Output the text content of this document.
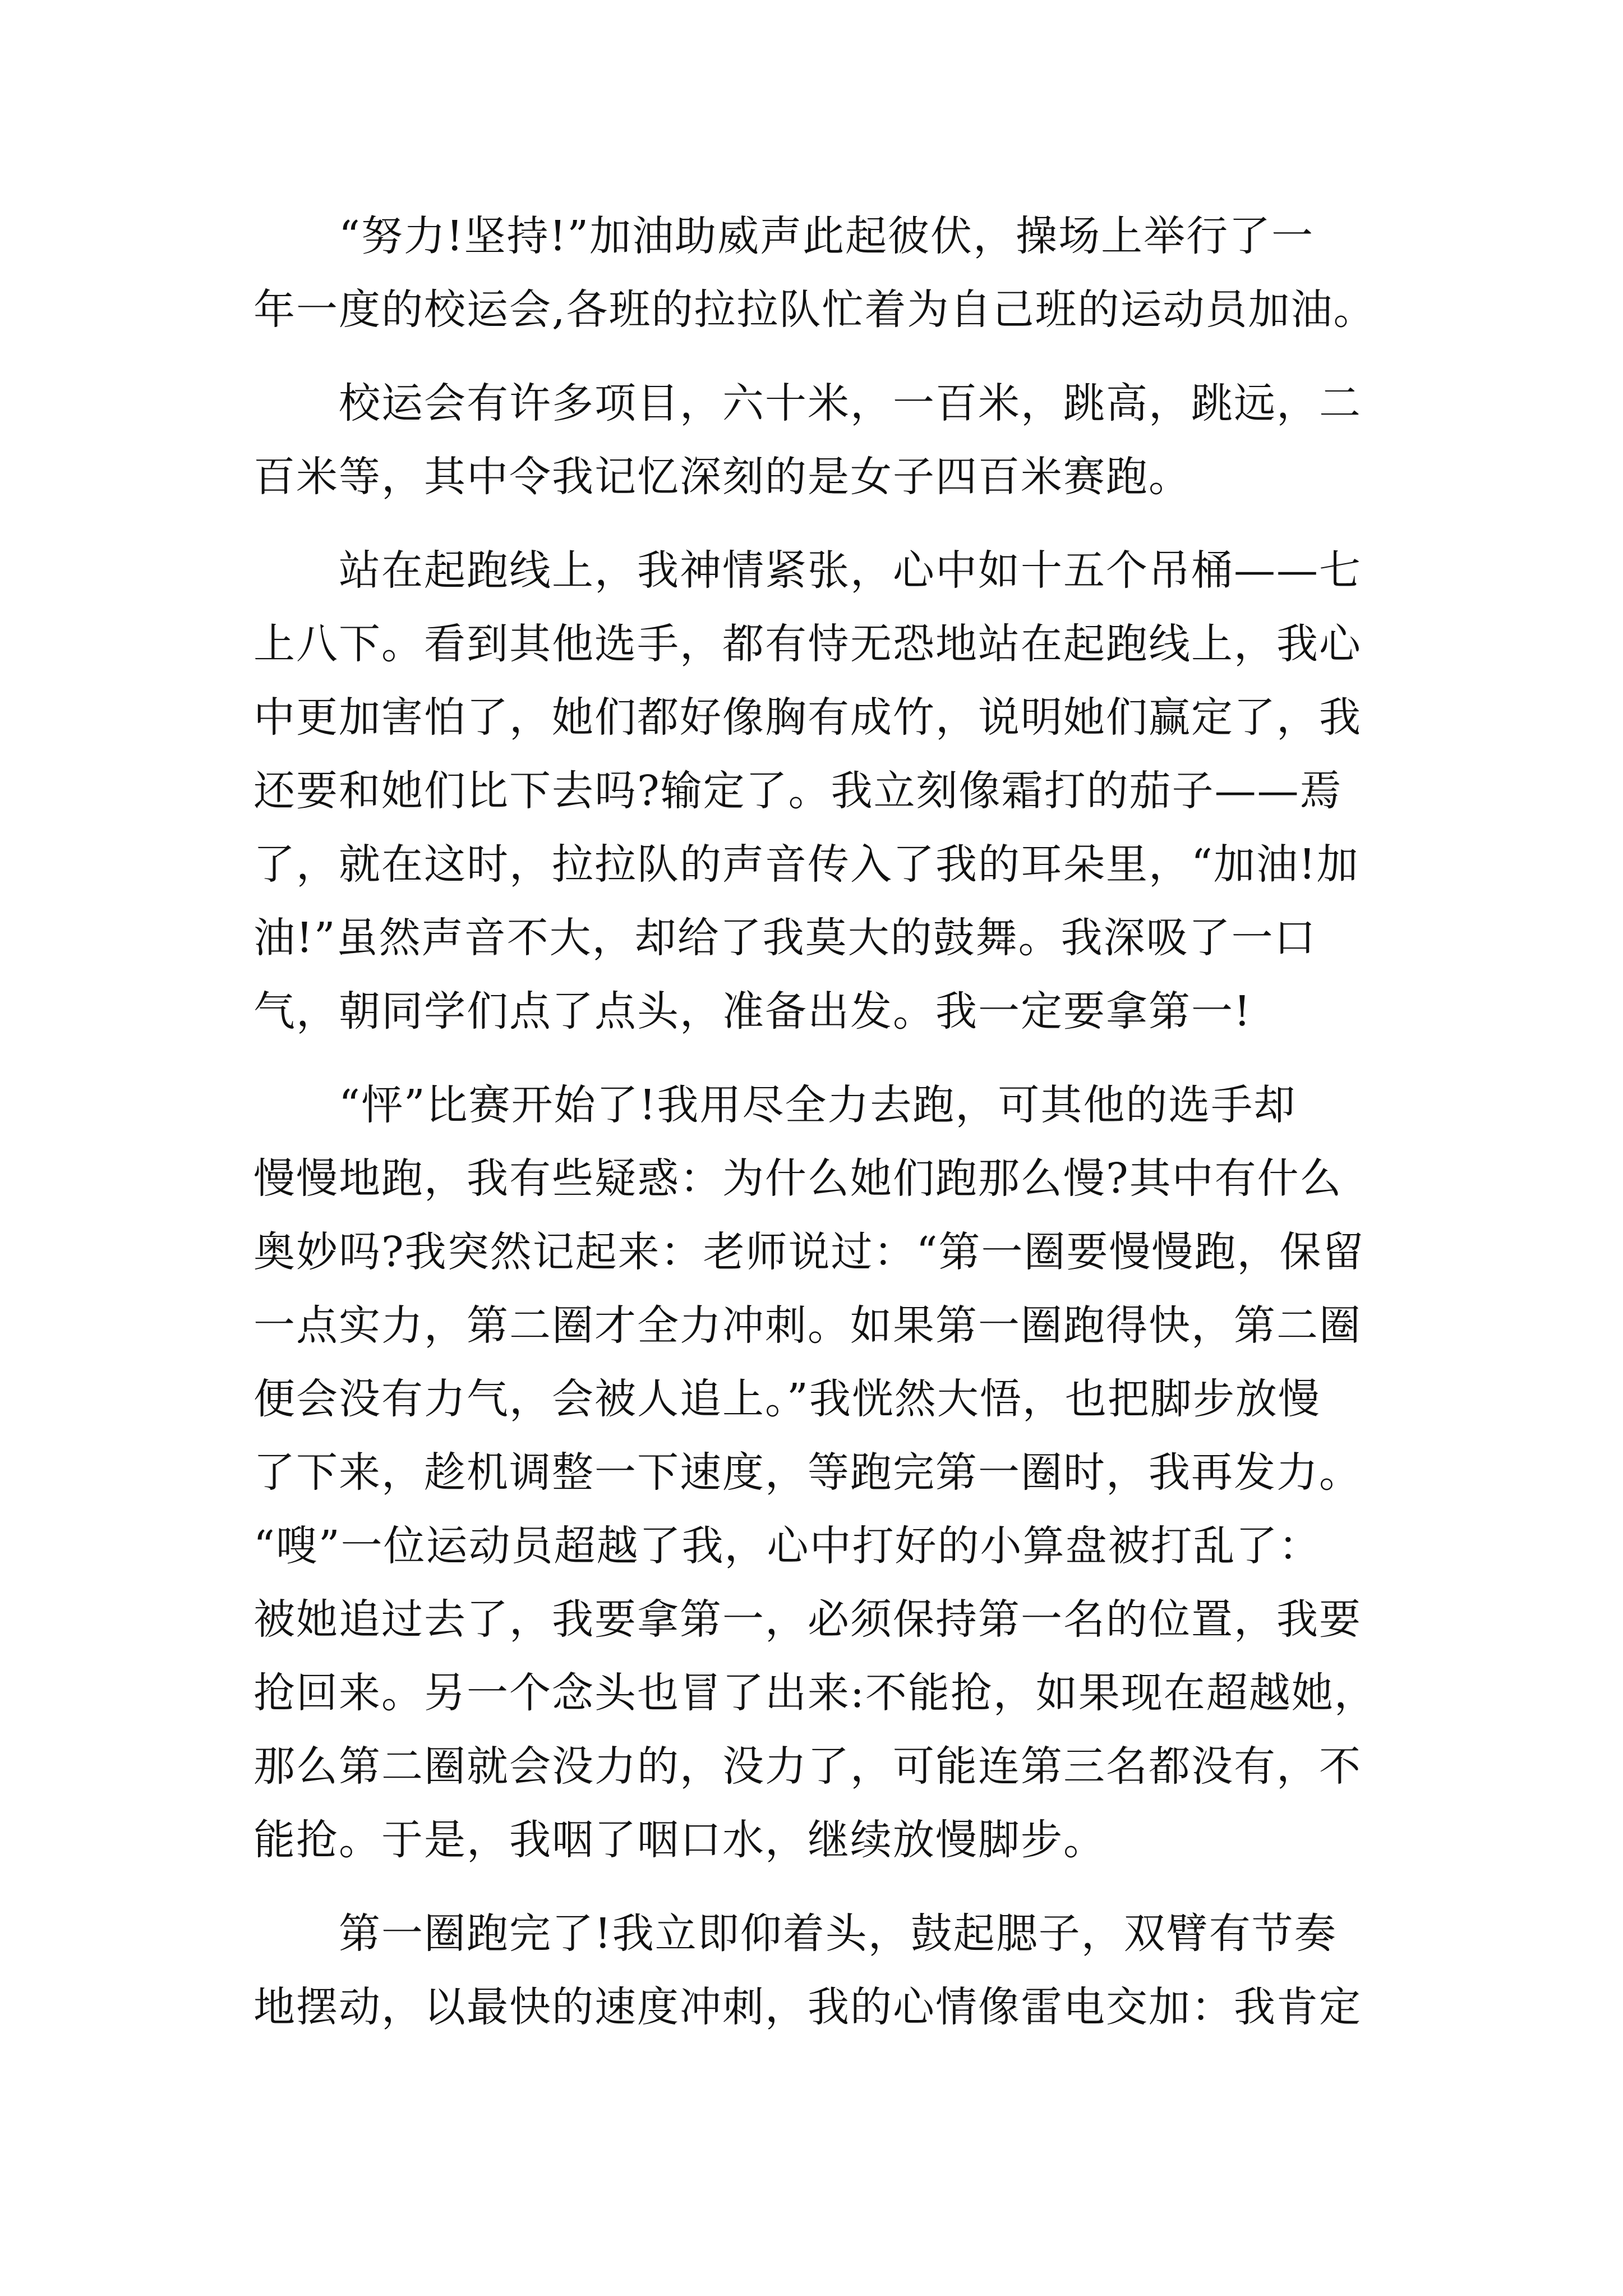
　　“努力!坚持!”加油助威声此起彼伏，操场上举行了一
年一度的校运会,各班的拉拉队忙着为自己班的运动员加油。
　　校运会有许多项目，六十米，一百米，跳高，跳远，二
百米等，其中令我记忆深刻的是女子四百米赛跑。
　　站在起跑线上，我神情紧张，心中如十五个吊桶——七
上八下。看到其他选手，都有恃无恐地站在起跑线上，我心
中更加害怕了，她们都好像胸有成竹，说明她们赢定了，我
还要和她们比下去吗?输定了。我立刻像霜打的茄子——焉
了，就在这时，拉拉队的声音传入了我的耳朵里，“加油!加
油!”虽然声音不大，却给了我莫大的鼓舞。我深吸了一口
气，朝同学们点了点头，准备出发。我一定要拿第一!
　　“怦”比赛开始了!我用尽全力去跑，可其他的选手却
慢慢地跑，我有些疑惑：为什么她们跑那么慢?其中有什么
奥妙吗?我突然记起来：老师说过：“第一圈要慢慢跑，保留
一点实力，第二圈才全力冲刺。如果第一圈跑得快，第二圈
便会没有力气，会被人追上。”我恍然大悟，也把脚步放慢
了下来，趁机调整一下速度，等跑完第一圈时，我再发力。
“嗖”一位运动员超越了我，心中打好的小算盘被打乱了：
被她追过去了，我要拿第一，必须保持第一名的位置，我要
抢回来。另一个念头也冒了出来:不能抢，如果现在超越她，
那么第二圈就会没力的，没力了，可能连第三名都没有，不
能抢。于是，我咽了咽口水，继续放慢脚步。
　　第一圈跑完了!我立即仰着头，鼓起腮子，双臂有节奏
地摆动，以最快的速度冲刺，我的心情像雷电交加：我肯定
